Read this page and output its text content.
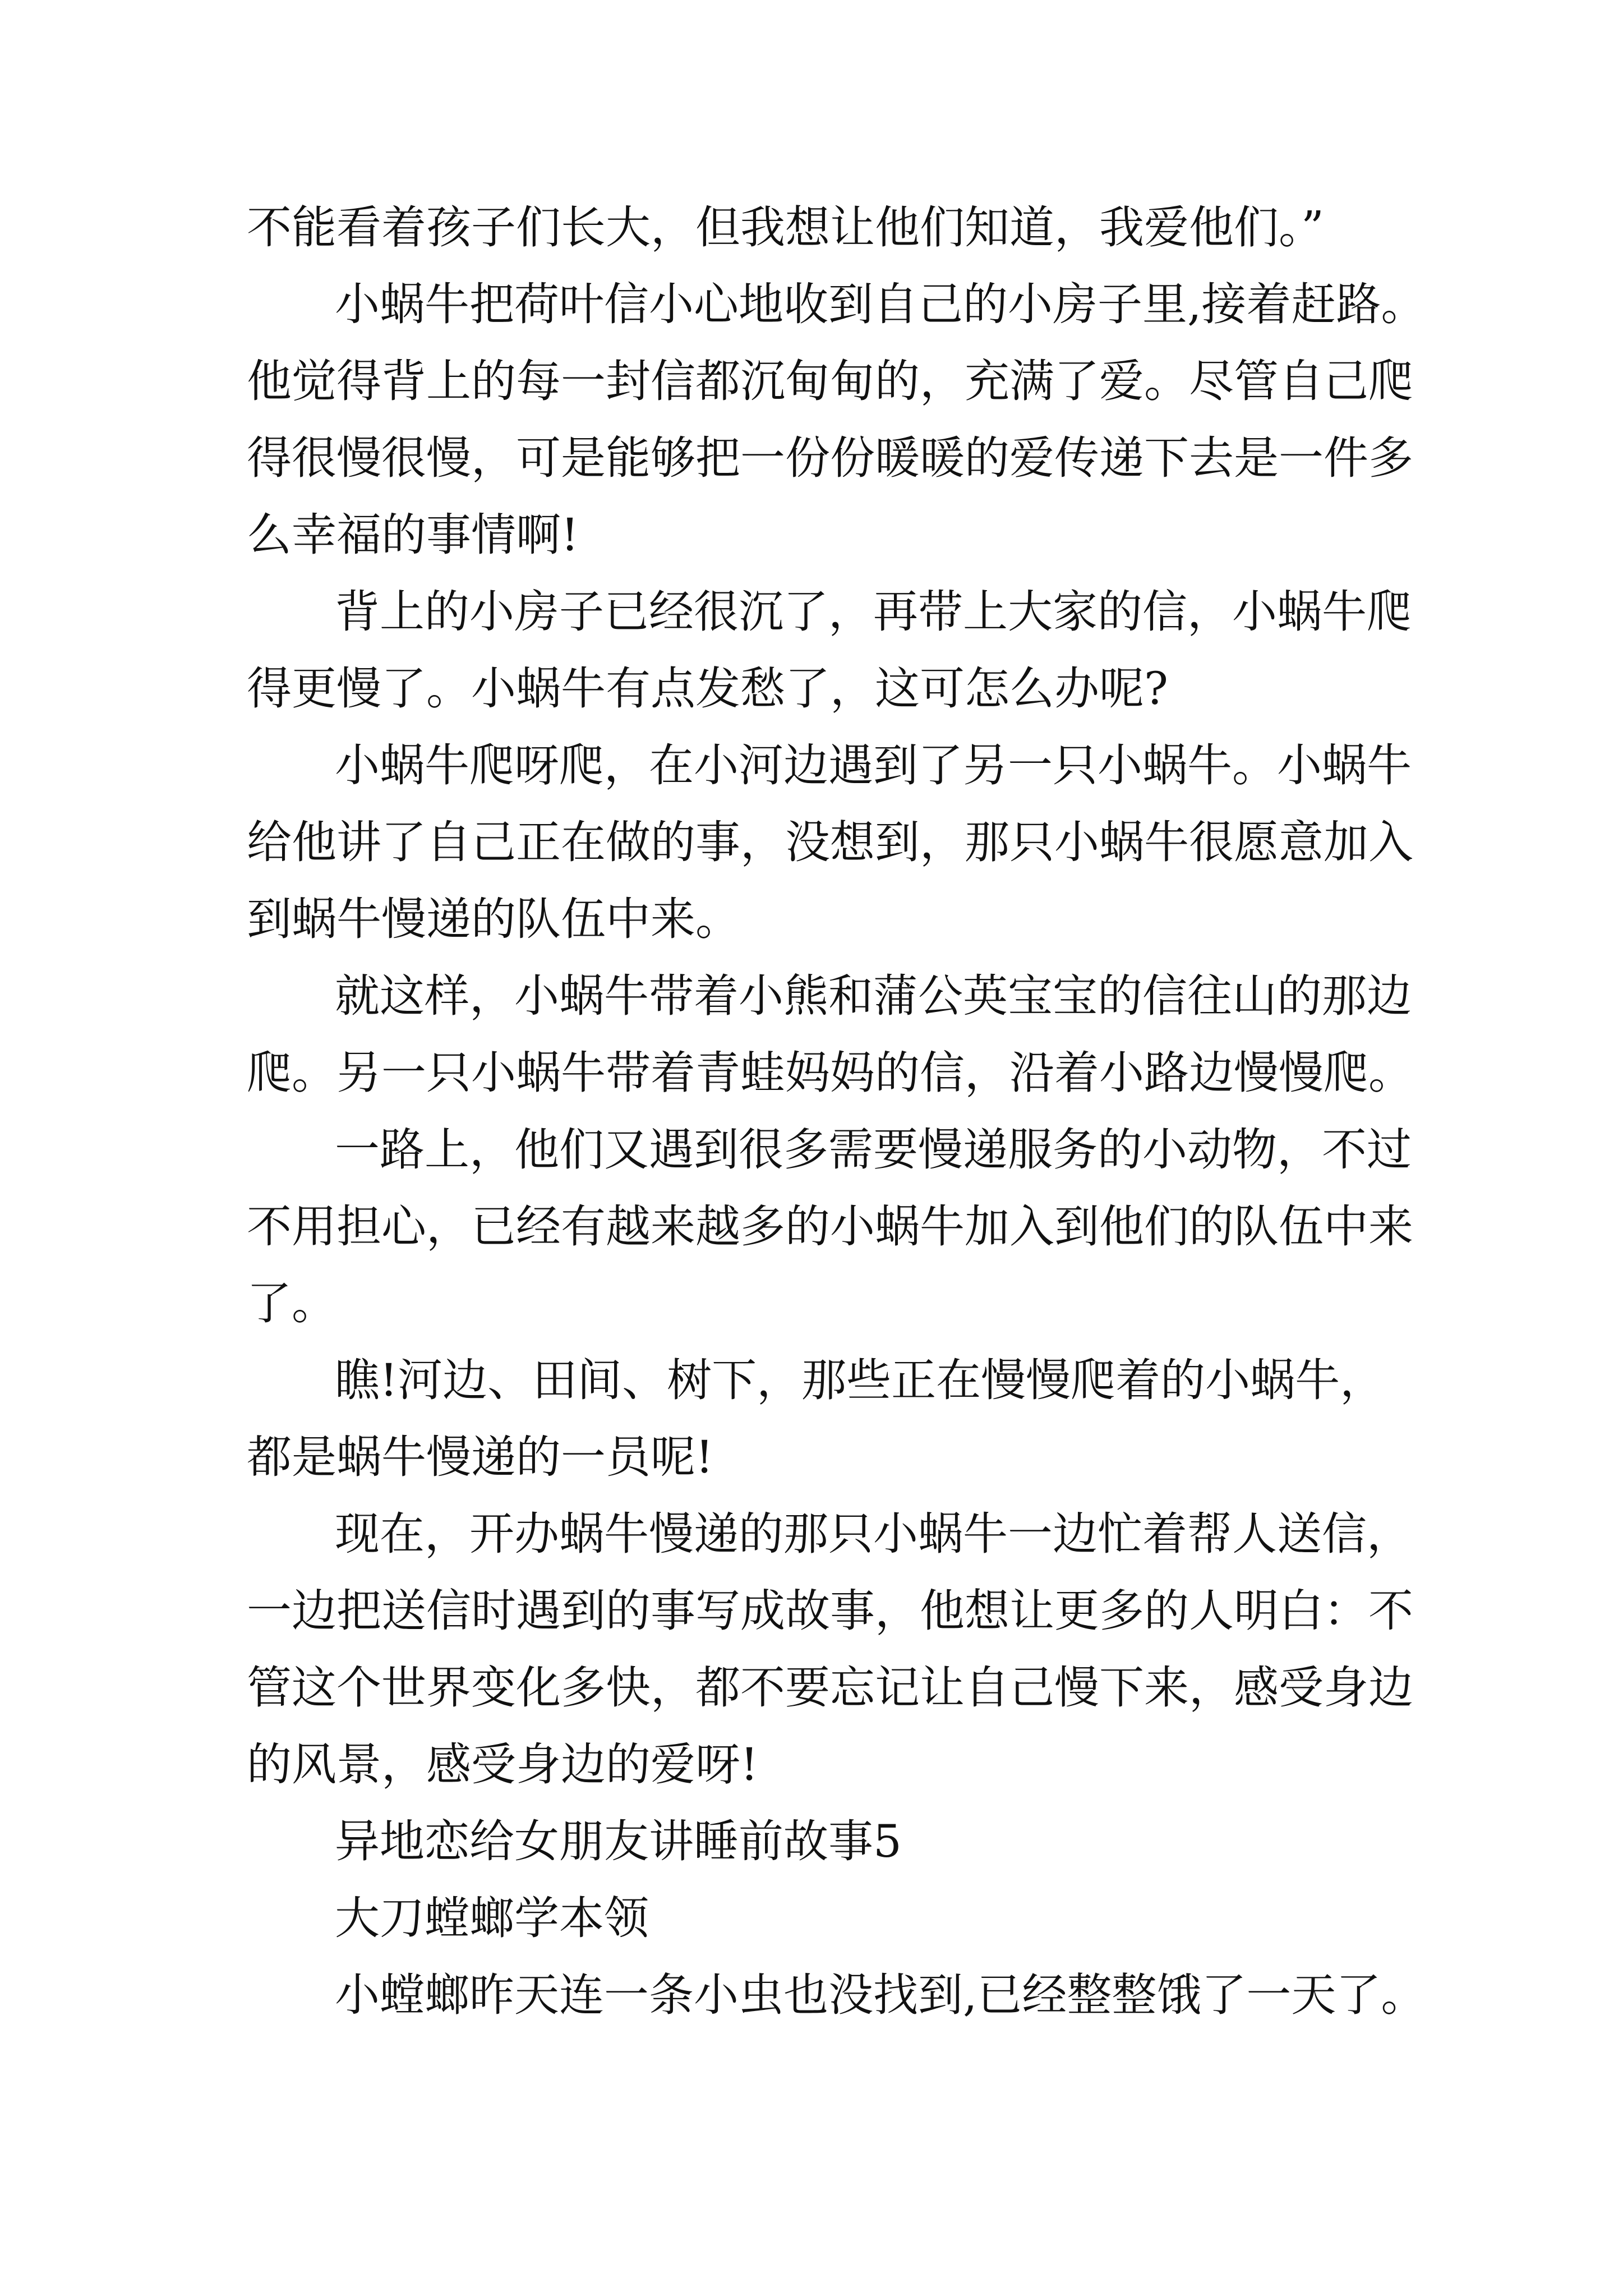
不能看着孩子们长大，但我想让他们知道，我爱他们。”
小蜗牛把荷叶信小心地收到自己的小房子里,接着赶路。
他觉得背上的每一封信都沉甸甸的，充满了爱。尽管自己爬
得很慢很慢，可是能够把一份份暖暖的爱传递下去是一件多
么幸福的事情啊!
背上的小房子已经很沉了，再带上大家的信，小蜗牛爬
得更慢了。小蜗牛有点发愁了，这可怎么办呢?
小蜗牛爬呀爬，在小河边遇到了另一只小蜗牛。小蜗牛
给他讲了自己正在做的事，没想到，那只小蜗牛很愿意加入
到蜗牛慢递的队伍中来。
就这样，小蜗牛带着小熊和蒲公英宝宝的信往山的那边
爬。另一只小蜗牛带着青蛙妈妈的信，沿着小路边慢慢爬。
一路上，他们又遇到很多需要慢递服务的小动物，不过
不用担心，已经有越来越多的小蜗牛加入到他们的队伍中来
了。
瞧!河边、田间、树下，那些正在慢慢爬着的小蜗牛，
都是蜗牛慢递的一员呢!
现在，开办蜗牛慢递的那只小蜗牛一边忙着帮人送信，
一边把送信时遇到的事写成故事，他想让更多的人明白：不
管这个世界变化多快，都不要忘记让自己慢下来，感受身边
的风景，感受身边的爱呀!
异地恋给女朋友讲睡前故事5
大刀螳螂学本领
小螳螂昨天连一条小虫也没找到,已经整整饿了一天了。
